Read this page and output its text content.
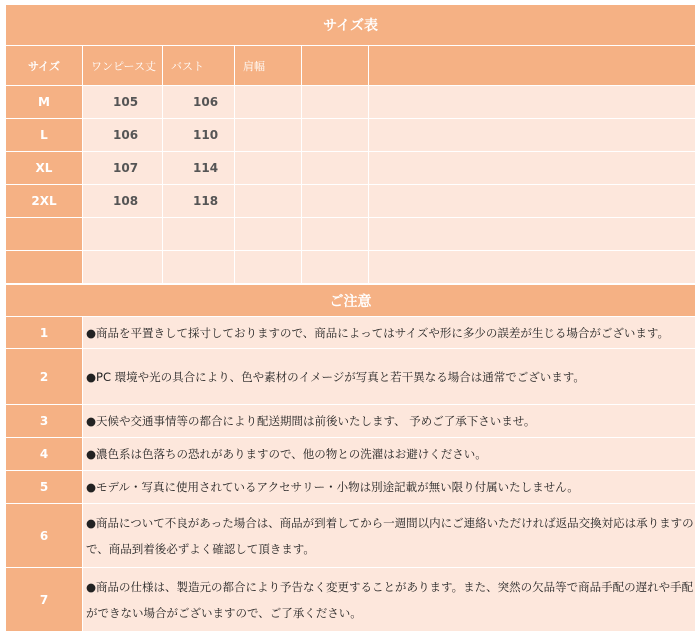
サイズ表					
サイズ	ワンピース丈	バスト	肩幅		
M	105	106			
L	106	110			
XL	107	114			
2XL	108	118			

ご注意	
1	●商品を平置きして採寸しておりますので、商品によってはサイズや形に多少の誤差が生じる場合がございます。
2	●PC 環境や光の具合により、色や素材のイメージが写真と若干異なる場合は通常でございます。
3	●天候や交通事情等の都合により配送期間は前後いたします、 予めご了承下さいませ。
4	●濃色系は色落ちの恐れがありますので、他の物との洗濯はお避けください。
5	●モデル・写真に使用されているアクセサリー・小物は別途記載が無い限り付属いたしません。
6	●商品について不良があった場合は、商品が到着してから一週間以内にご連絡いただければ返品交換対応は承りますので、商品到着後必ずよく確認して頂きます。
7	●商品の仕様は、製造元の都合により予告なく変更することがあります。また、突然の欠品等で商品手配の遅れや手配ができない場合がございますので、ご了承ください。
